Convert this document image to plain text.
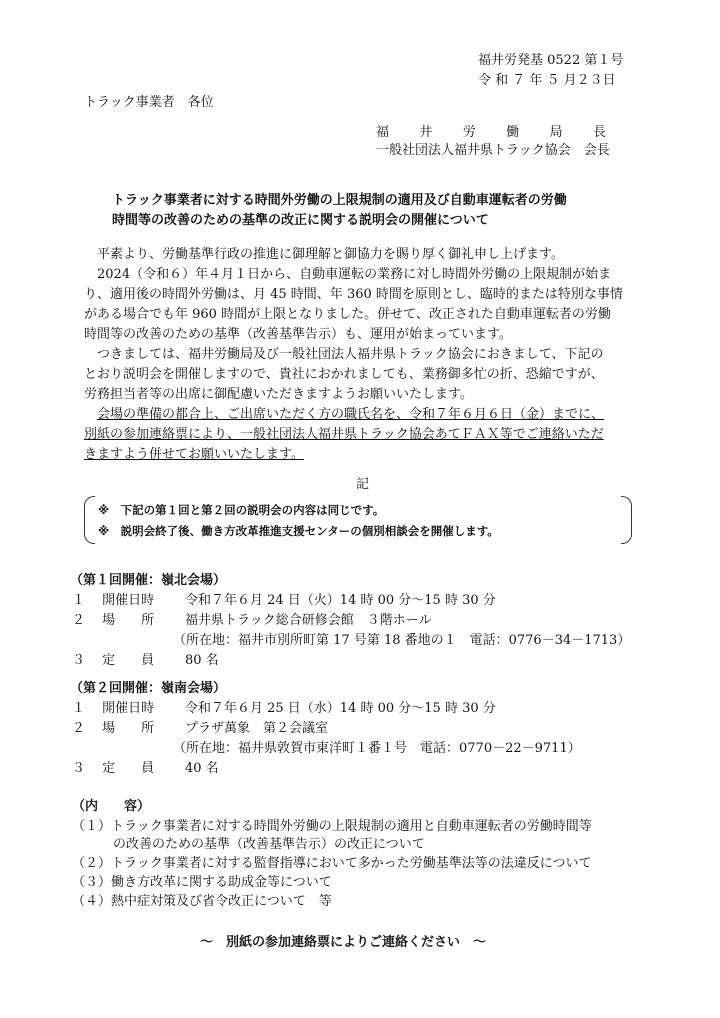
福井労発基 0522 第１号
令 和 ７ 年 ５ 月２３日
トラック事業者　各位
福 井 労 働 局 長
一般社団法人福井県トラック協会　会長
トラック事業者に対する時間外労働の上限規制の適用及び自動車運転者の労働
時間等の改善のための基準の改正に関する説明会の開催について
平素より、労働基準行政の推進に御理解と御協力を賜り厚く御礼申し上げます。
2024（令和６）年４月１日から、自動車運転の業務に対し時間外労働の上限規制が始ま
り、適用後の時間外労働は、月 45 時間、年 360 時間を原則とし、臨時的または特別な事情
がある場合でも年 960 時間が上限となりました。併せて、改正された自動車運転者の労働
時間等の改善のための基準（改善基準告示）も、運用が始まっています。
つきましては、福井労働局及び一般社団法人福井県トラック協会におきまして、下記の
とおり説明会を開催しますので、貴社におかれましても、業務御多忙の折、恐縮ですが、
労務担当者等の出席に御配慮いただきますようお願いいたします。
会場の準備の都合上、ご出席いただく方の職氏名を、令和７年６月６日（金）までに、
別紙の参加連絡票により、一般社団法人福井県トラック協会あてＦＡＸ等でご連絡いただ
きますよう併せてお願いいたします。
記
※　下記の第１回と第２回の説明会の内容は同じです。
※　説明会終了後、働き方改革推進支援センターの個別相談会を開催します。
（第１回開催：嶺北会場）
１　 開催日時 令和７年６月 24 日（火）14 時 00 分～15 時 30 分
２　 場　　所 福井県トラック総合研修会館　３階ホール
（所在地：福井市別所町第 17 号第 18 番地の１　電話：0776－34－1713）
３　 定　　員 80 名
（第２回開催：嶺南会場）
１　 開催日時 令和７年６月 25 日（水）14 時 00 分～15 時 30 分
２　 場　　所 プラザ萬象　第２会議室
（所在地：福井県敦賀市東洋町１番１号　電話：0770－22－9711）
３　 定　　員 40 名
（内　　容）
（１）トラック事業者に対する時間外労働の上限規制の適用と自動車運転者の労働時間等
の改善のための基準（改善基準告示）の改正について
（２）トラック事業者に対する監督指導において多かった労働基準法等の法違反について
（３）働き方改革に関する助成金等について
（４）熱中症対策及び省令改正について　等
～　別紙の参加連絡票によりご連絡ください　～
